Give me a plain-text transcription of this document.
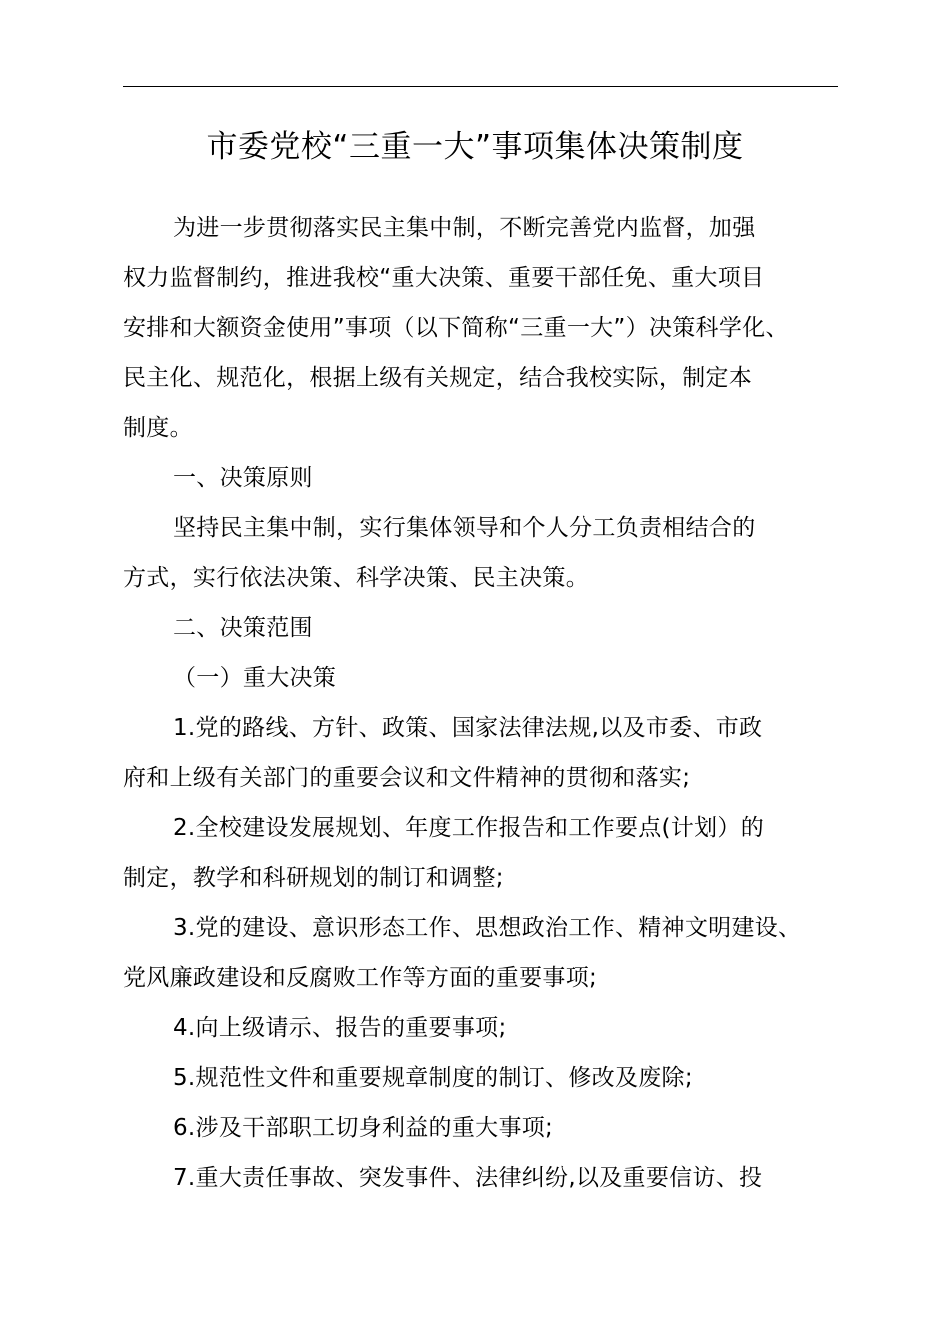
市委党校“三重一大”事项集体决策制度
为进一步贯彻落实民主集中制，不断完善党内监督，加强
权力监督制约，推进我校“重大决策、重要干部任免、重大项目
安排和大额资金使用”事项（以下简称“三重一大”）决策科学化、
民主化、规范化，根据上级有关规定，结合我校实际，制定本
制度。
一、决策原则
坚持民主集中制，实行集体领导和个人分工负责相结合的
方式，实行依法决策、科学决策、民主决策。
二、决策范围
（一）重大决策
1.党的路线、方针、政策、国家法律法规,以及市委、市政
府和上级有关部门的重要会议和文件精神的贯彻和落实;
2.全校建设发展规划、年度工作报告和工作要点(计划）的
制定，教学和科研规划的制订和调整;
3.党的建设、意识形态工作、思想政治工作、精神文明建设、
党风廉政建设和反腐败工作等方面的重要事项;
4.向上级请示、报告的重要事项;
5.规范性文件和重要规章制度的制订、修改及废除;
6.涉及干部职工切身利益的重大事项;
7.重大责任事故、突发事件、法律纠纷,以及重要信访、投
